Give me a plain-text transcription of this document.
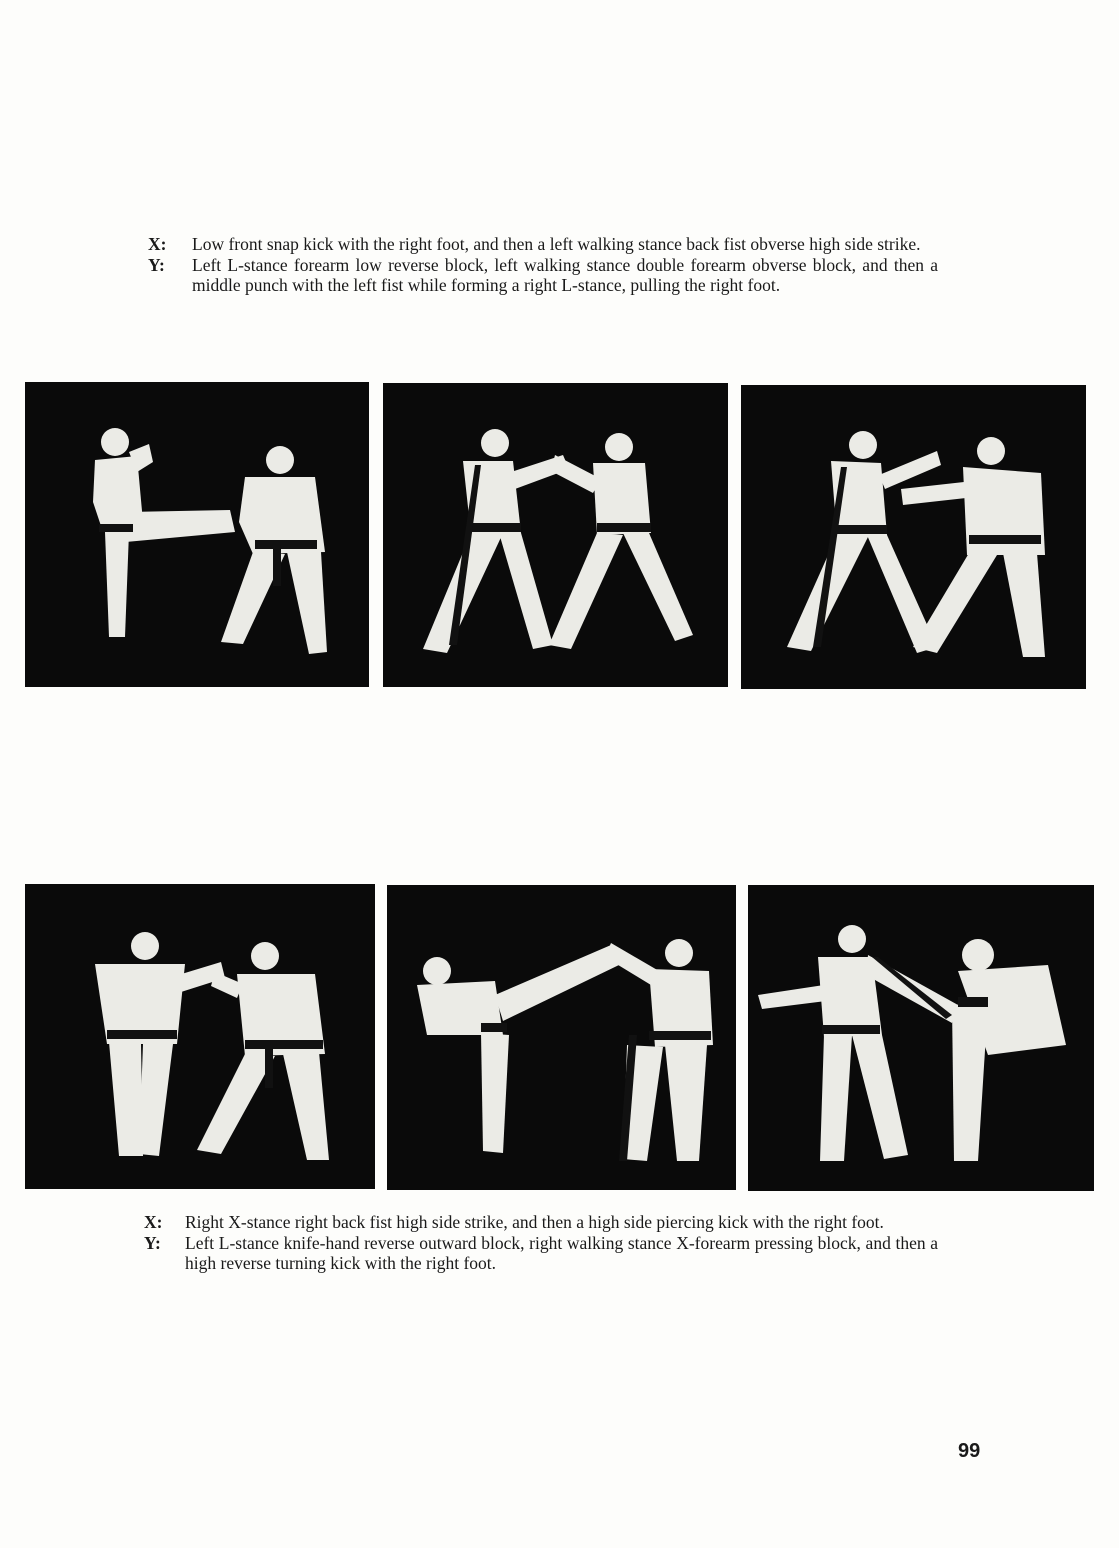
X:	Low front snap kick with the right foot, and then a left walking stance back fist obverse high side strike.
Y:	Left L-stance forearm low reverse block, left walking stance double forearm obverse block, and then a middle punch with the left fist while forming a right L-stance, pulling the right foot.
X:	Right X-stance right back fist high side strike, and then a high side piercing kick with the right foot.
Y:	Left L-stance knife-hand reverse outward block, right walking stance X-forearm pressing block, and then a high reverse turning kick with the right foot.
99
